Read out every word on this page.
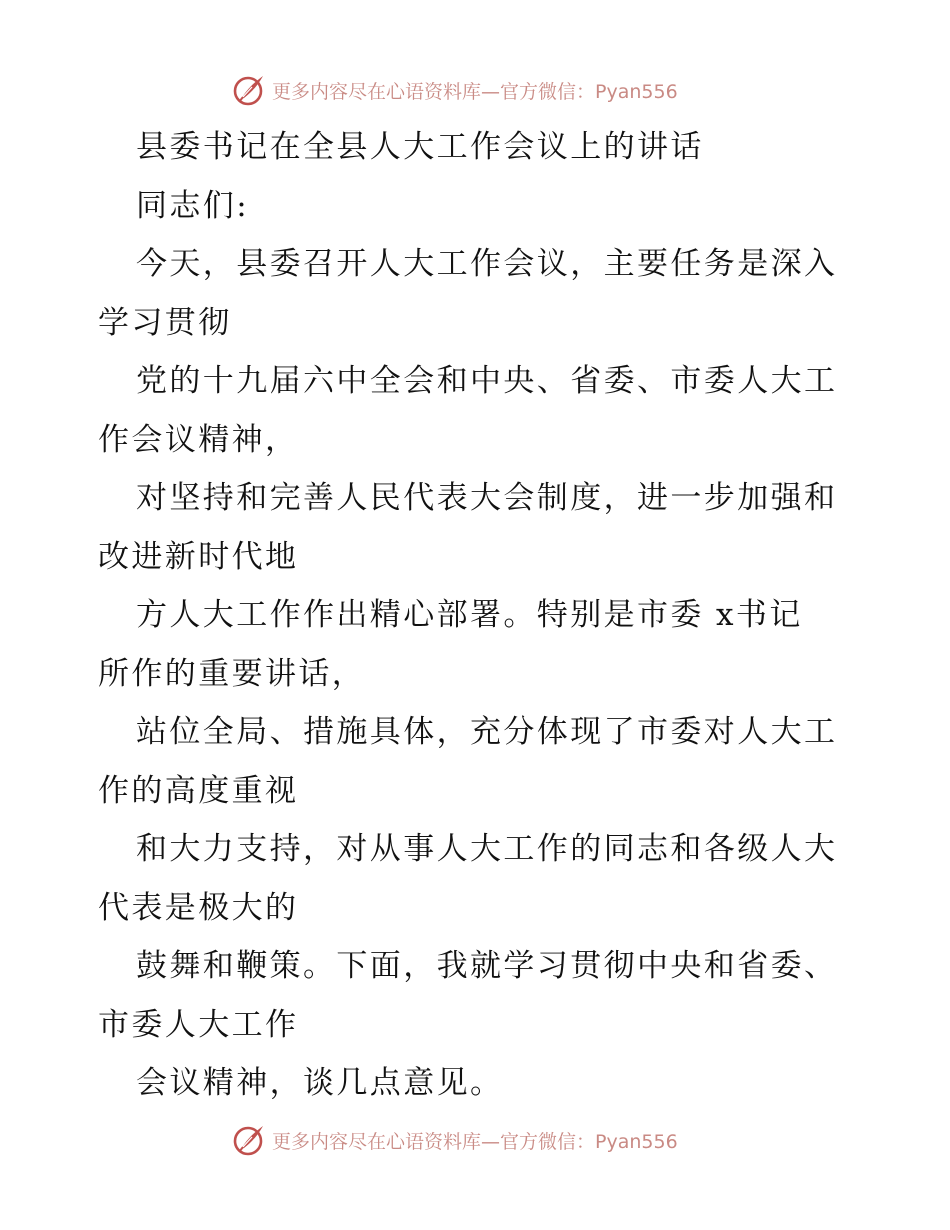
更多内容尽在心语资料库—官方微信：Pyan556
县委书记在全县人大工作会议上的讲话
同志们:
今天，县委召开人大工作会议，主要任务是深入
学习贯彻
党的十九届六中全会和中央、省委、市委人大工
作会议精神，
对坚持和完善人民代表大会制度，进一步加强和
改进新时代地
方人大工作作出精心部署。特别是市委 x书记
所作的重要讲话，
站位全局、措施具体，充分体现了市委对人大工
作的高度重视
和大力支持，对从事人大工作的同志和各级人大
代表是极大的
鼓舞和鞭策。下面，我就学习贯彻中央和省委、
市委人大工作
会议精神，谈几点意见。
更多内容尽在心语资料库—官方微信：Pyan556
